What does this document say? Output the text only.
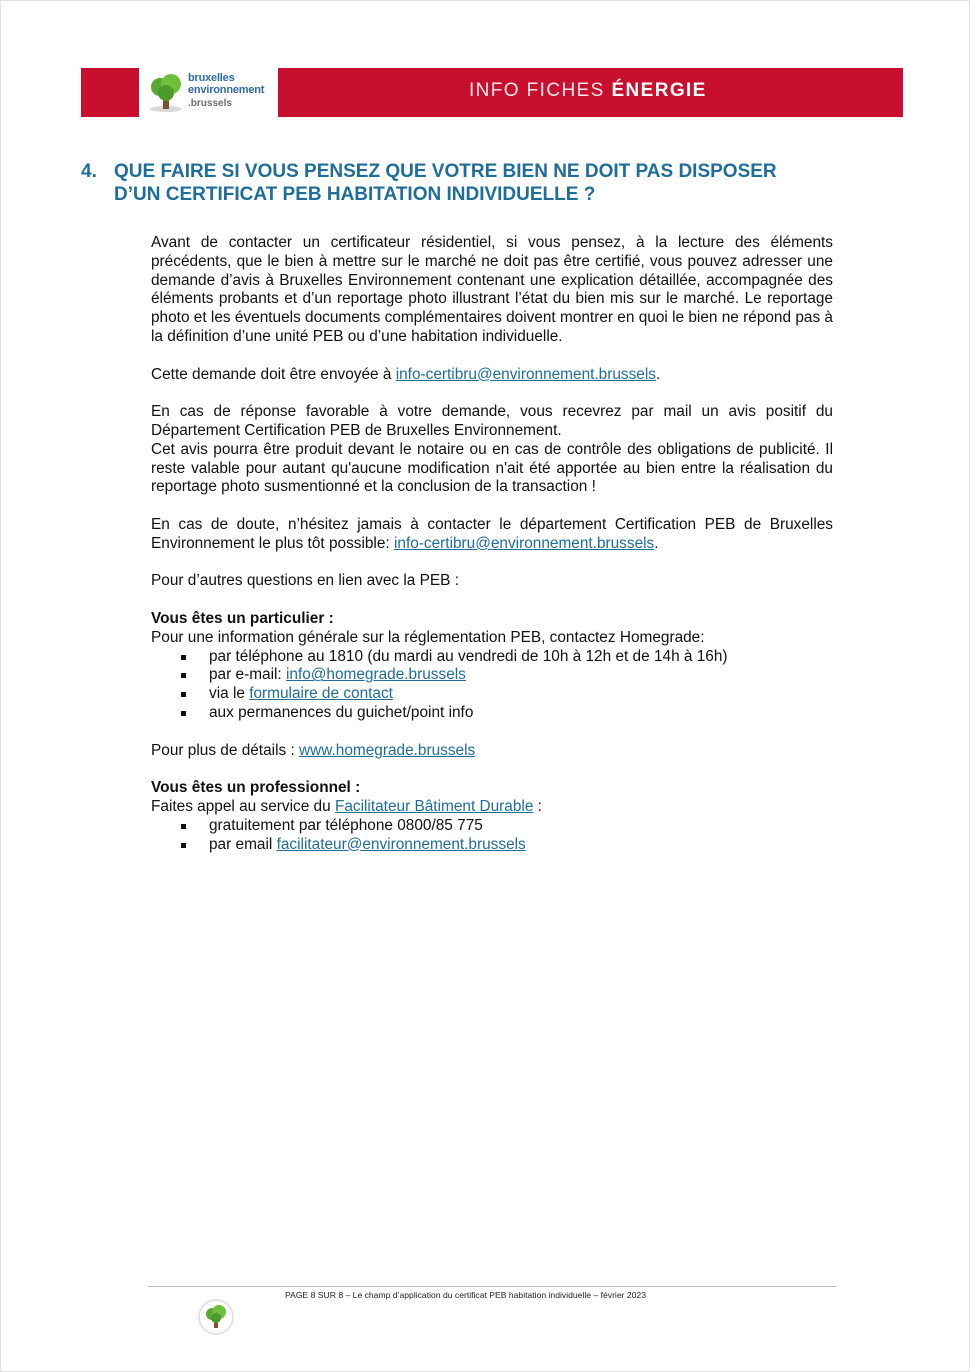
bruxelles
environnement
.brussels
INFO FICHES ÉNERGIE
4. QUE FAIRE SI VOUS PENSEZ QUE VOTRE BIEN NE DOIT PAS DISPOSER D’UN CERTIFICAT PEB HABITATION INDIVIDUELLE ?

Avant de contacter un certificateur résidentiel, si vous pensez, à la lecture des éléments précédents, que le bien à mettre sur le marché ne doit pas être certifié, vous pouvez adresser une demande d’avis à Bruxelles Environnement contenant une explication détaillée, accompagnée des éléments probants et d’un reportage photo illustrant l’état du bien mis sur le marché. Le reportage photo et les éventuels documents complémentaires doivent montrer en quoi le bien ne répond pas à la définition d’une unité PEB ou d’une habitation individuelle.

Cette demande doit être envoyée à info-certibru@environnement.brussels.

En cas de réponse favorable à votre demande, vous recevrez par mail un avis positif du Département Certification PEB de Bruxelles Environnement.

Cet avis pourra être produit devant le notaire ou en cas de contrôle des obligations de publicité. Il reste valable pour autant qu'aucune modification n'ait été apportée au bien entre la réalisation du reportage photo susmentionné et la conclusion de la transaction !

En cas de doute, n’hésitez jamais à contacter le département Certification PEB de Bruxelles Environnement le plus tôt possible: info-certibru@environnement.brussels.

Pour d’autres questions en lien avec la PEB :

Vous êtes un particulier :

Pour une information générale sur la réglementation PEB, contactez Homegrade:

par téléphone au 1810 (du mardi au vendredi de 10h à 12h et de 14h à 16h)
par e-mail: info@homegrade.brussels
via le formulaire de contact
aux permanences du guichet/point info

Pour plus de détails : www.homegrade.brussels

Vous êtes un professionnel :

Faites appel au service du Facilitateur Bâtiment Durable :

gratuitement par téléphone 0800/85 775
par email facilitateur@environnement.brussels
PAGE 8 SUR 8 – Le champ d’application du certificat PEB habitation individuelle – février 2023
